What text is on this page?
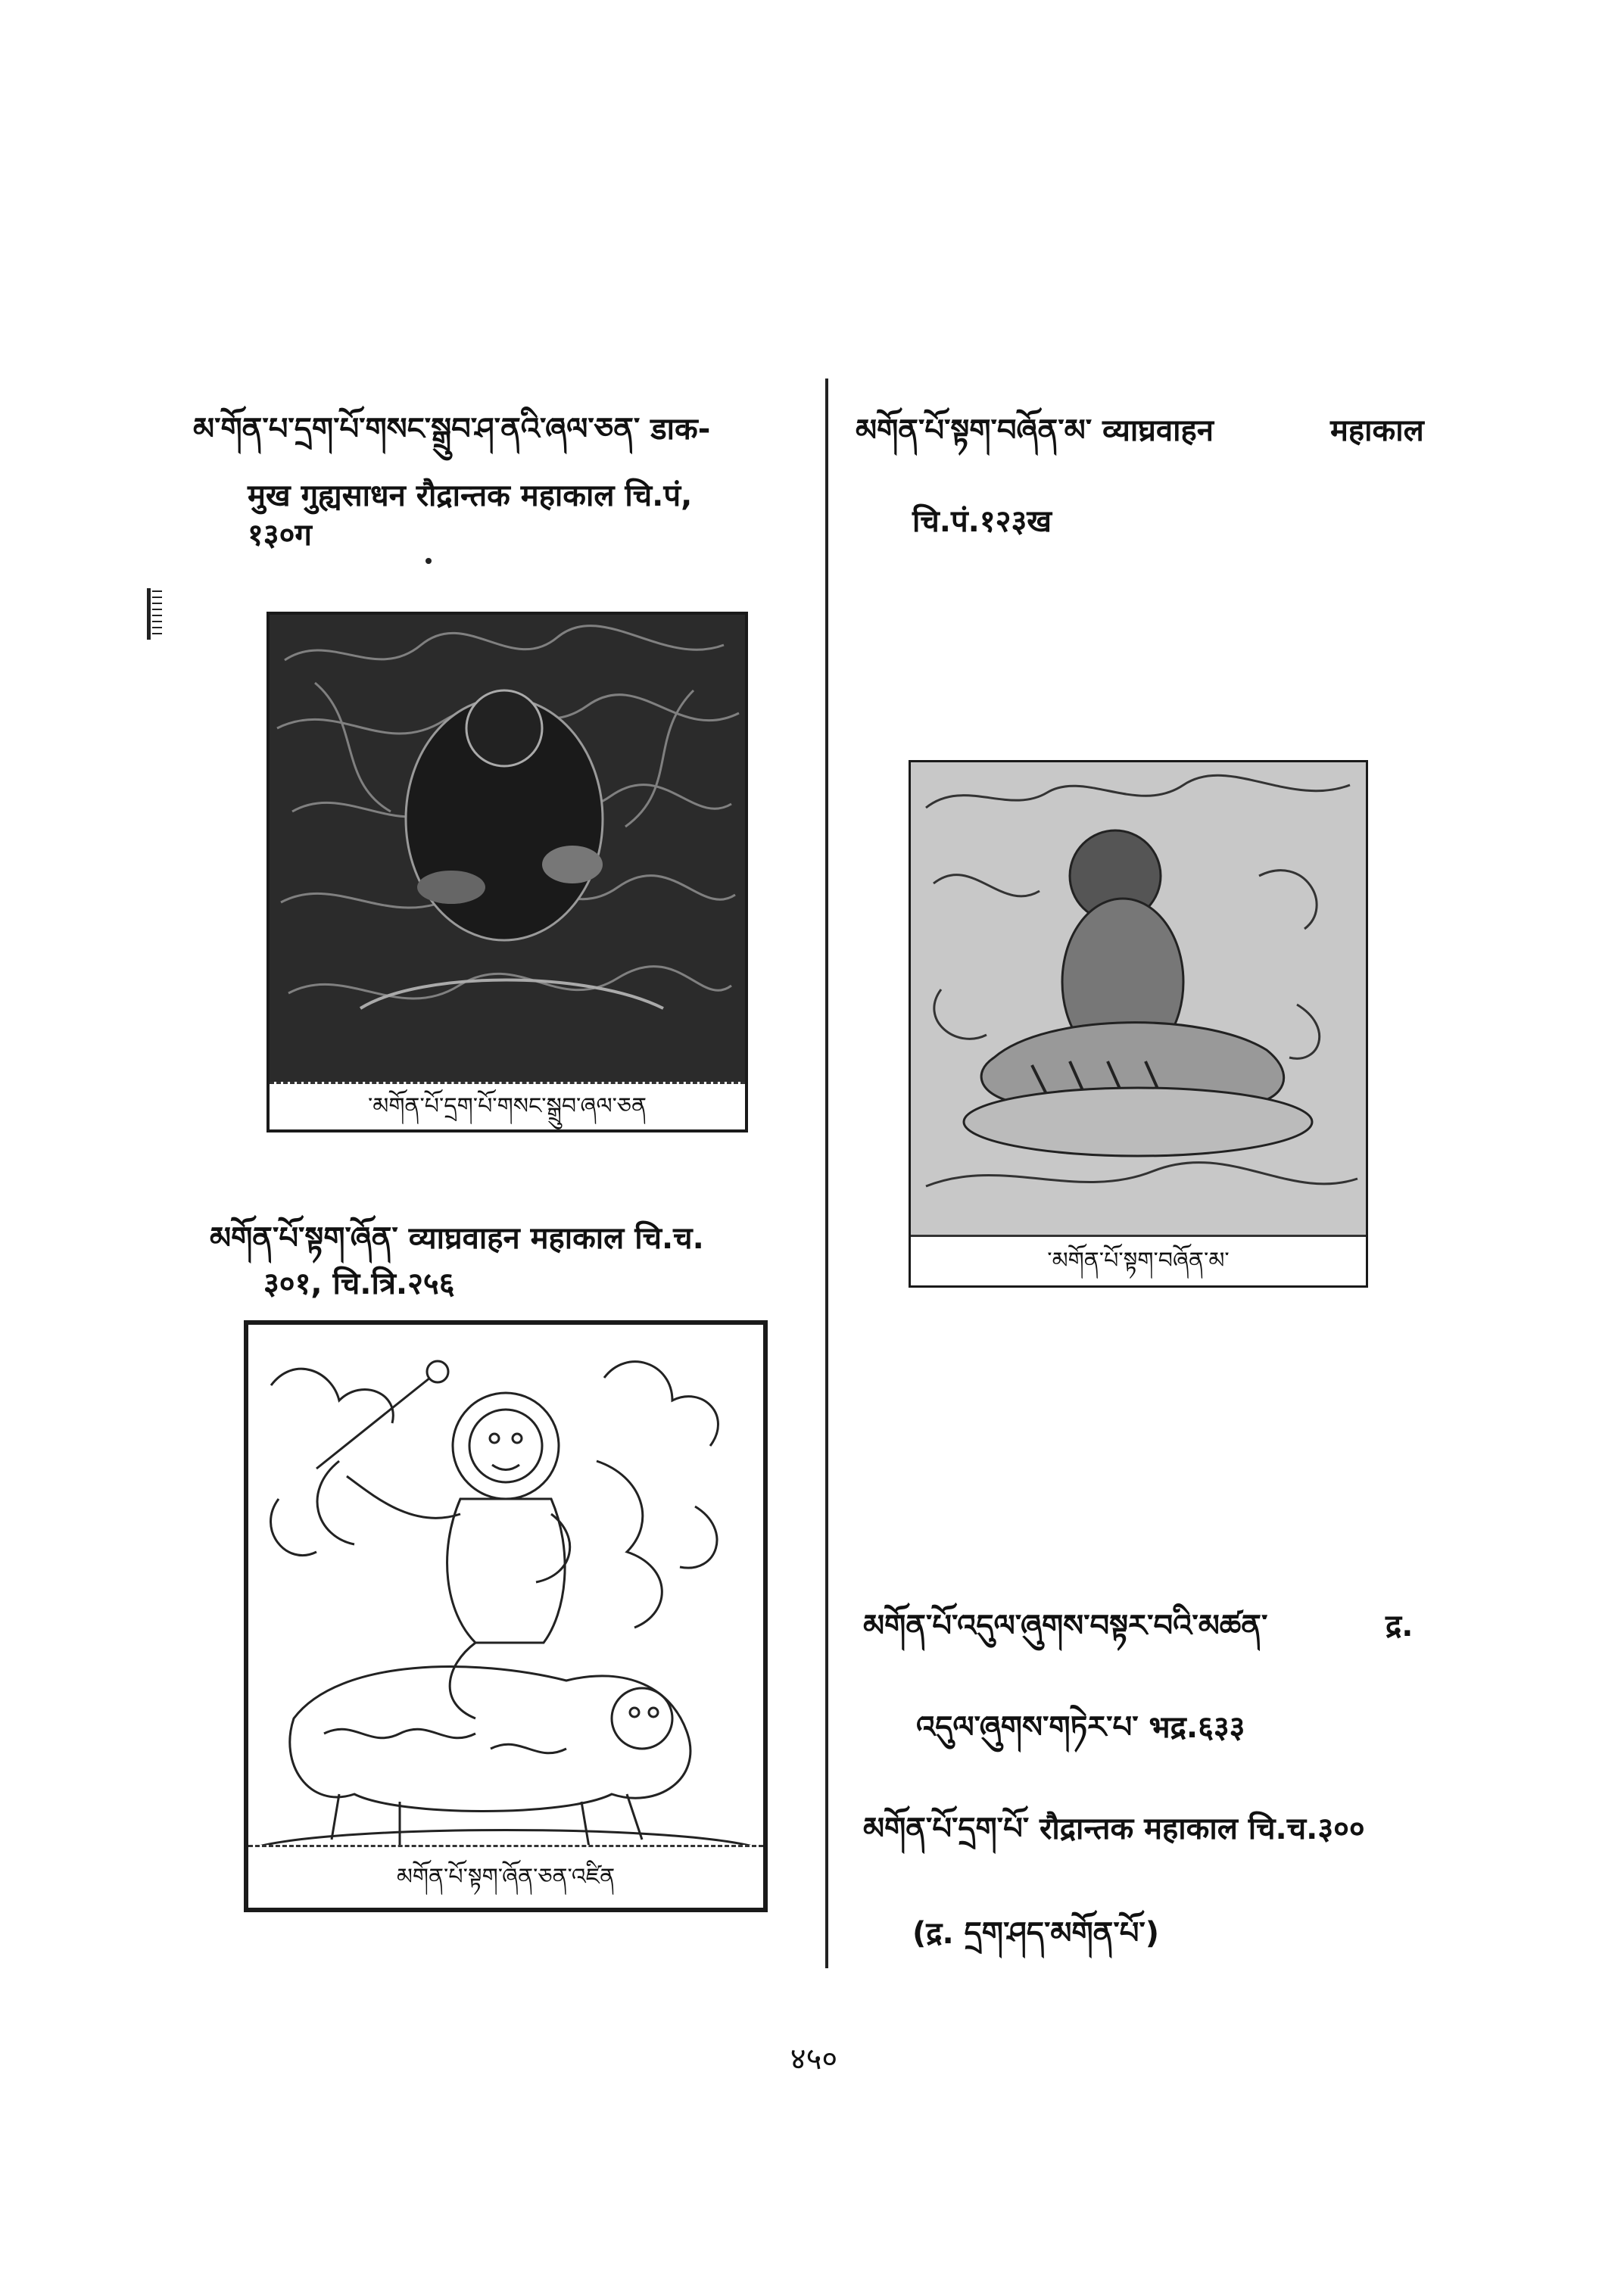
མ་གོན་པ་དྲག་པོ་གསང་སྒྲུབ་ཤ་ནའི་ཞལ་ཅན་ डाक-
मुख गुह्यसाधन रौद्रान्तक महाकाल चि.पं,
१३०ग
་མགོན་པོ་དྲག་པོ་གསང་སྒྲུབ་ཞལ་ཅན
མགོན་པོ་སྟག་ཞོན་ व्याघ्रवाहन महाकाल चि.च.
३०१, चि.त्रि.२५६
མགོན་པོ་སྟག་ཞོན་ཅན་འཛིན
མགོན་པོ་སྟག་བཞོན་མ་ व्याघ्रवाहन	महाकाल
चि.पं.१२३ख
་མགོན་པོ་སྟག་བཞོན་མ་
མགོན་པོ་འདུལ་ཞུགས་བསྟར་བའི་མཚན་	द्र.
འདུལ་ཞུགས་གཏེར་པ་ भद्र.६३३
མགོན་པོ་དྲག་པོ་ रौद्रान्तक महाकाल चि.च.३००
(द्र. དྲག་ཤད་མགོན་པོ་)
४५०
